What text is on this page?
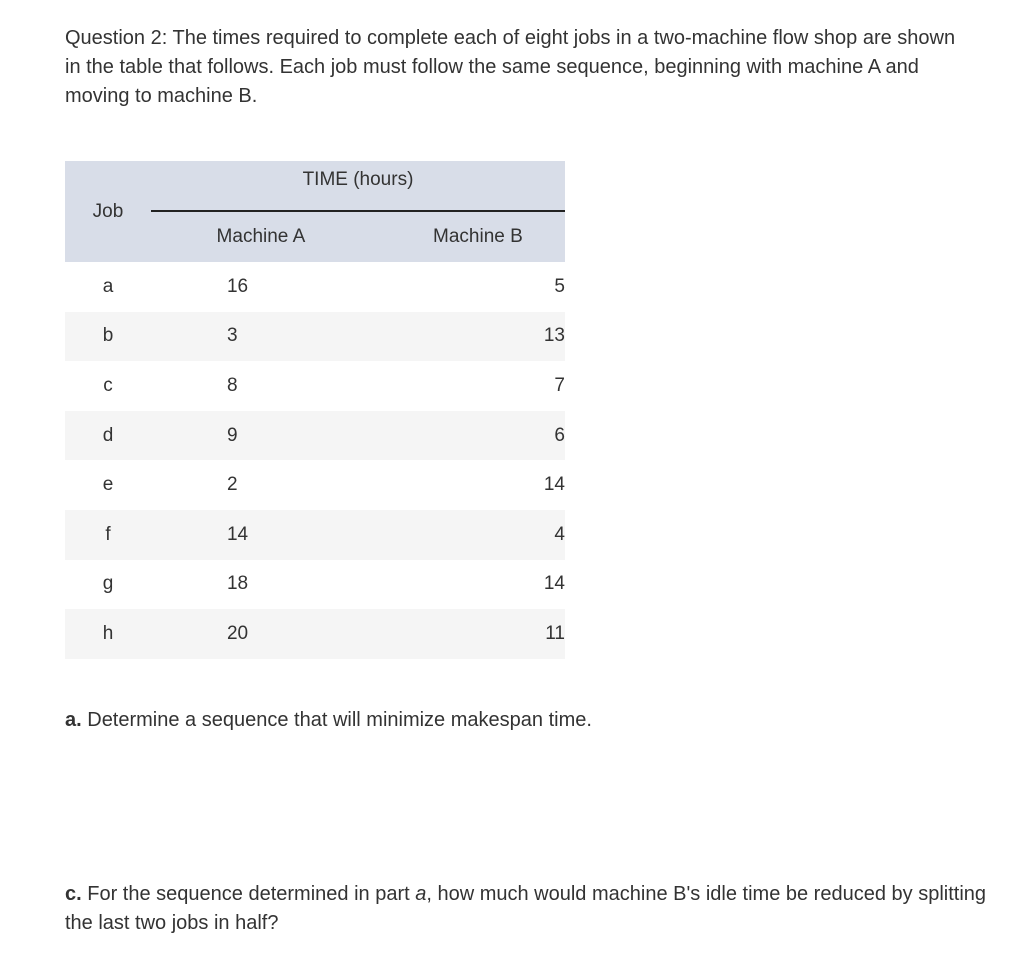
Question 2: The times required to complete each of eight jobs in a two-machine flow shop are shown
in the table that follows. Each job must follow the same sequence, beginning with machine A and
moving to machine B.

Job	TIME (hours)	
	Machine A	Machine B
a	16	5
b	3	13
c	8	7
d	9	6
e	2	14
f	14	4
g	18	14
h	20	11

a. Determine a sequence that will minimize makespan time.

c. For the sequence determined in part a, how much would machine B's idle time be reduced by splitting the last two jobs in half?
